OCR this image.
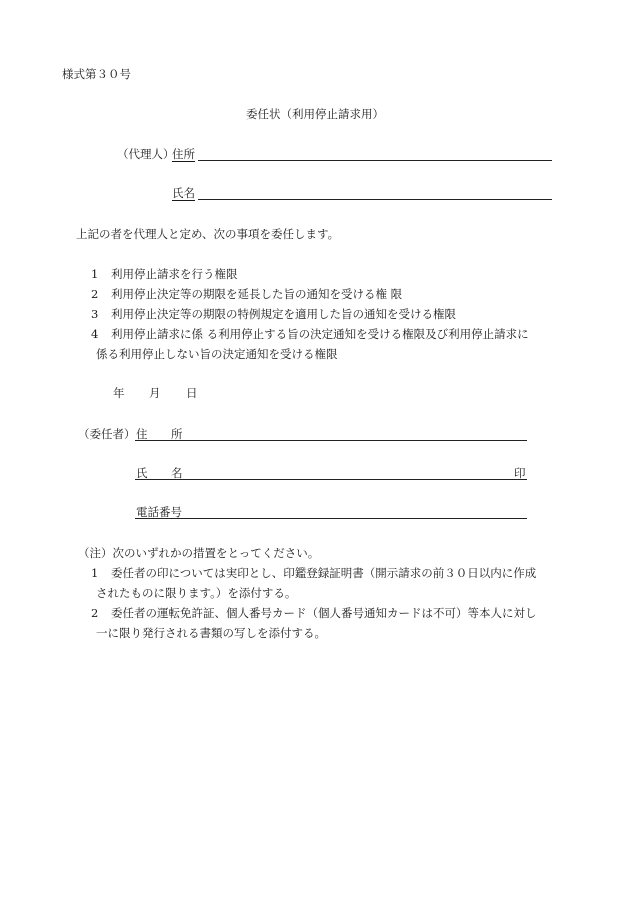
様式第３０号
委任状（利用停止請求用）
（代理人）
住所
氏名
上記の者を代理人と定め、次の事項を委任します。
1 利用停止請求を行う権限
2 利用停止決定等の期限を延長した旨の通知を受ける権 限
3 利用停止決定等の期限の特例規定を適用した旨の通知を受ける権限
4 利用停止請求に係 る利用停止する旨の決定通知を受ける権限及び利用停止請求に
係る利用停止しない旨の決定通知を受ける権限
年 月 日
（委任者） 住 所
氏 名	印
電話番号
（注）次のいずれかの措置をとってください。
1 委任者の印については実印とし、印鑑登録証明書（開示請求の前３０日以内に作成
されたものに限ります。）を添付する。
2 委任者の運転免許証、個人番号カード（個人番号通知カードは不可）等本人に対し
一に限り発行される書類の写しを添付する。
